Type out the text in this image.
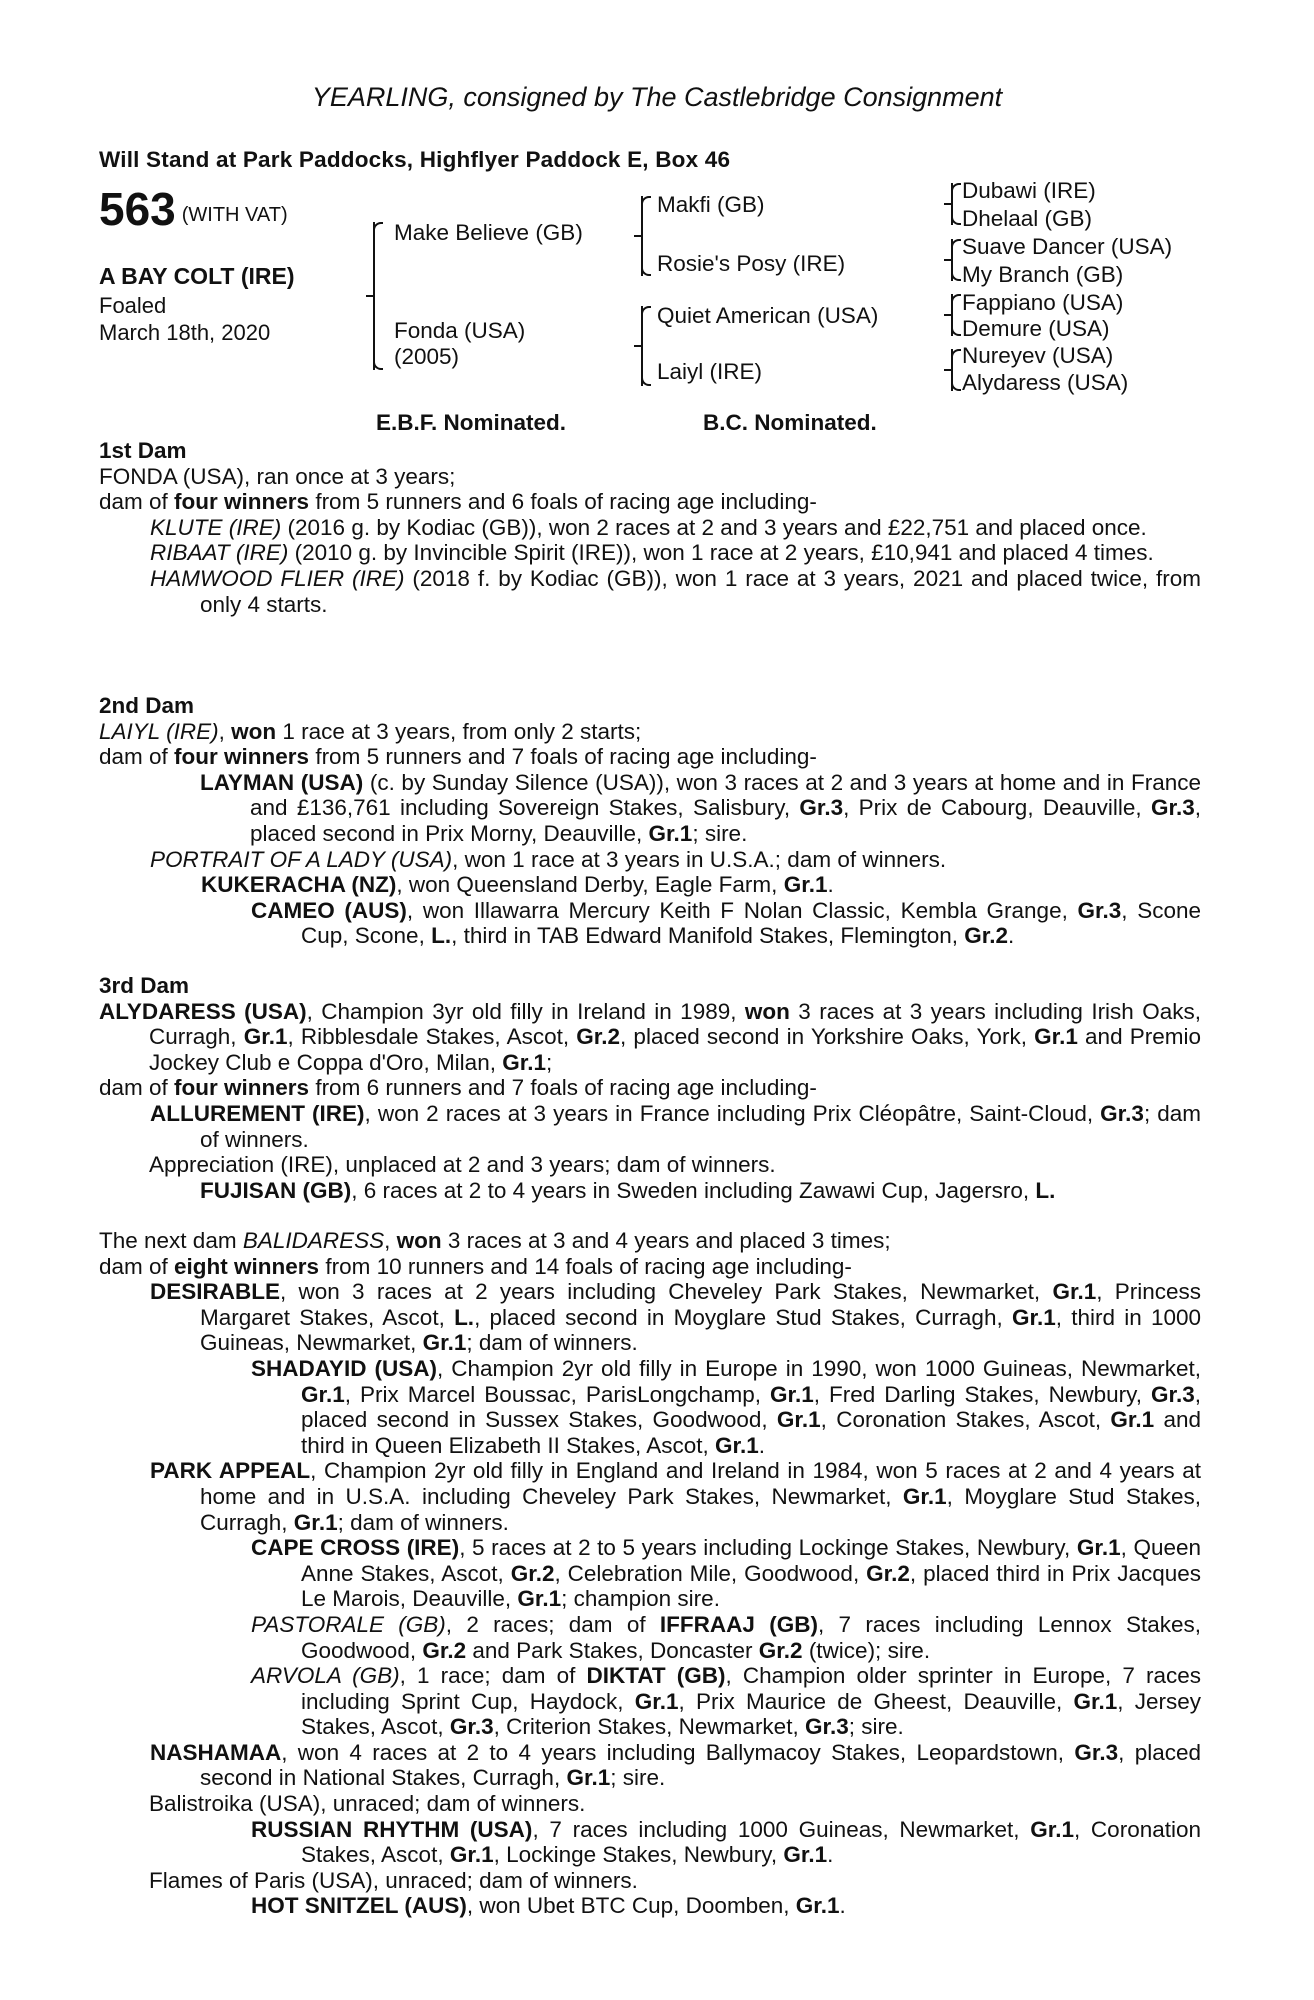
YEARLING, consigned by The Castlebridge Consignment
Will Stand at Park Paddocks, Highflyer Paddock E, Box 46
563 (WITH VAT)
A BAY COLT (IRE)
Foaled
March 18th, 2020
Make Believe (GB)
Fonda (USA)
(2005)
Makfi (GB)
Rosie's Posy (IRE)
Quiet American (USA)
Laiyl (IRE)
Dubawi (IRE)
Dhelaal (GB)
Suave Dancer (USA)
My Branch (GB)
Fappiano (USA)
Demure (USA)
Nureyev (USA)
Alydaress (USA)
E.B.F. Nominated.	B.C. Nominated.
1st Dam

FONDA (USA), ran once at 3 years;

dam of four winners from 5 runners and 6 foals of racing age including-

KLUTE (IRE) (2016 g. by Kodiac (GB)), won 2 races at 2 and 3 years and £22,751 and placed once.

RIBAAT (IRE) (2010 g. by Invincible Spirit (IRE)), won 1 race at 2 years, £10,941 and placed 4 times.

HAMWOOD FLIER (IRE) (2018 f. by Kodiac (GB)), won 1 race at 3 years, 2021 and placed twice, from only 4 starts.

2nd Dam

LAIYL (IRE), won 1 race at 3 years, from only 2 starts;

dam of four winners from 5 runners and 7 foals of racing age including-

LAYMAN (USA) (c. by Sunday Silence (USA)), won 3 races at 2 and 3 years at home and in France and £136,761 including Sovereign Stakes, Salisbury, Gr.3, Prix de Cabourg, Deauville, Gr.3, placed second in Prix Morny, Deauville, Gr.1; sire.

PORTRAIT OF A LADY (USA), won 1 race at 3 years in U.S.A.; dam of winners.

KUKERACHA (NZ), won Queensland Derby, Eagle Farm, Gr.1.

CAMEO (AUS), won Illawarra Mercury Keith F Nolan Classic, Kembla Grange, Gr.3, Scone Cup, Scone, L., third in TAB Edward Manifold Stakes, Flemington, Gr.2.

3rd Dam

ALYDARESS (USA), Champion 3yr old filly in Ireland in 1989, won 3 races at 3 years including Irish Oaks, Curragh, Gr.1, Ribblesdale Stakes, Ascot, Gr.2, placed second in Yorkshire Oaks, York, Gr.1 and Premio Jockey Club e Coppa d'Oro, Milan, Gr.1;

dam of four winners from 6 runners and 7 foals of racing age including-

ALLUREMENT (IRE), won 2 races at 3 years in France including Prix Cléopâtre, Saint-Cloud, Gr.3; dam of winners.

Appreciation (IRE), unplaced at 2 and 3 years; dam of winners.

FUJISAN (GB), 6 races at 2 to 4 years in Sweden including Zawawi Cup, Jagersro, L.

The next dam BALIDARESS, won 3 races at 3 and 4 years and placed 3 times;

dam of eight winners from 10 runners and 14 foals of racing age including-

DESIRABLE, won 3 races at 2 years including Cheveley Park Stakes, Newmarket, Gr.1, Princess Margaret Stakes, Ascot, L., placed second in Moyglare Stud Stakes, Curragh, Gr.1, third in 1000 Guineas, Newmarket, Gr.1; dam of winners.

SHADAYID (USA), Champion 2yr old filly in Europe in 1990, won 1000 Guineas, Newmarket, Gr.1, Prix Marcel Boussac, ParisLongchamp, Gr.1, Fred Darling Stakes, Newbury, Gr.3, placed second in Sussex Stakes, Goodwood, Gr.1, Coronation Stakes, Ascot, Gr.1 and third in Queen Elizabeth II Stakes, Ascot, Gr.1.

PARK APPEAL, Champion 2yr old filly in England and Ireland in 1984, won 5 races at 2 and 4 years at home and in U.S.A. including Cheveley Park Stakes, Newmarket, Gr.1, Moyglare Stud Stakes, Curragh, Gr.1; dam of winners.

CAPE CROSS (IRE), 5 races at 2 to 5 years including Lockinge Stakes, Newbury, Gr.1, Queen Anne Stakes, Ascot, Gr.2, Celebration Mile, Goodwood, Gr.2, placed third in Prix Jacques Le Marois, Deauville, Gr.1; champion sire.

PASTORALE (GB), 2 races; dam of IFFRAAJ (GB), 7 races including Lennox Stakes, Goodwood, Gr.2 and Park Stakes, Doncaster Gr.2 (twice); sire.

ARVOLA (GB), 1 race; dam of DIKTAT (GB), Champion older sprinter in Europe, 7 races including Sprint Cup, Haydock, Gr.1, Prix Maurice de Gheest, Deauville, Gr.1, Jersey Stakes, Ascot, Gr.3, Criterion Stakes, Newmarket, Gr.3; sire.

NASHAMAA, won 4 races at 2 to 4 years including Ballymacoy Stakes, Leopardstown, Gr.3, placed second in National Stakes, Curragh, Gr.1; sire.

Balistroika (USA), unraced; dam of winners.

RUSSIAN RHYTHM (USA), 7 races including 1000 Guineas, Newmarket, Gr.1, Coronation Stakes, Ascot, Gr.1, Lockinge Stakes, Newbury, Gr.1.

Flames of Paris (USA), unraced; dam of winners.

HOT SNITZEL (AUS), won Ubet BTC Cup, Doomben, Gr.1.
